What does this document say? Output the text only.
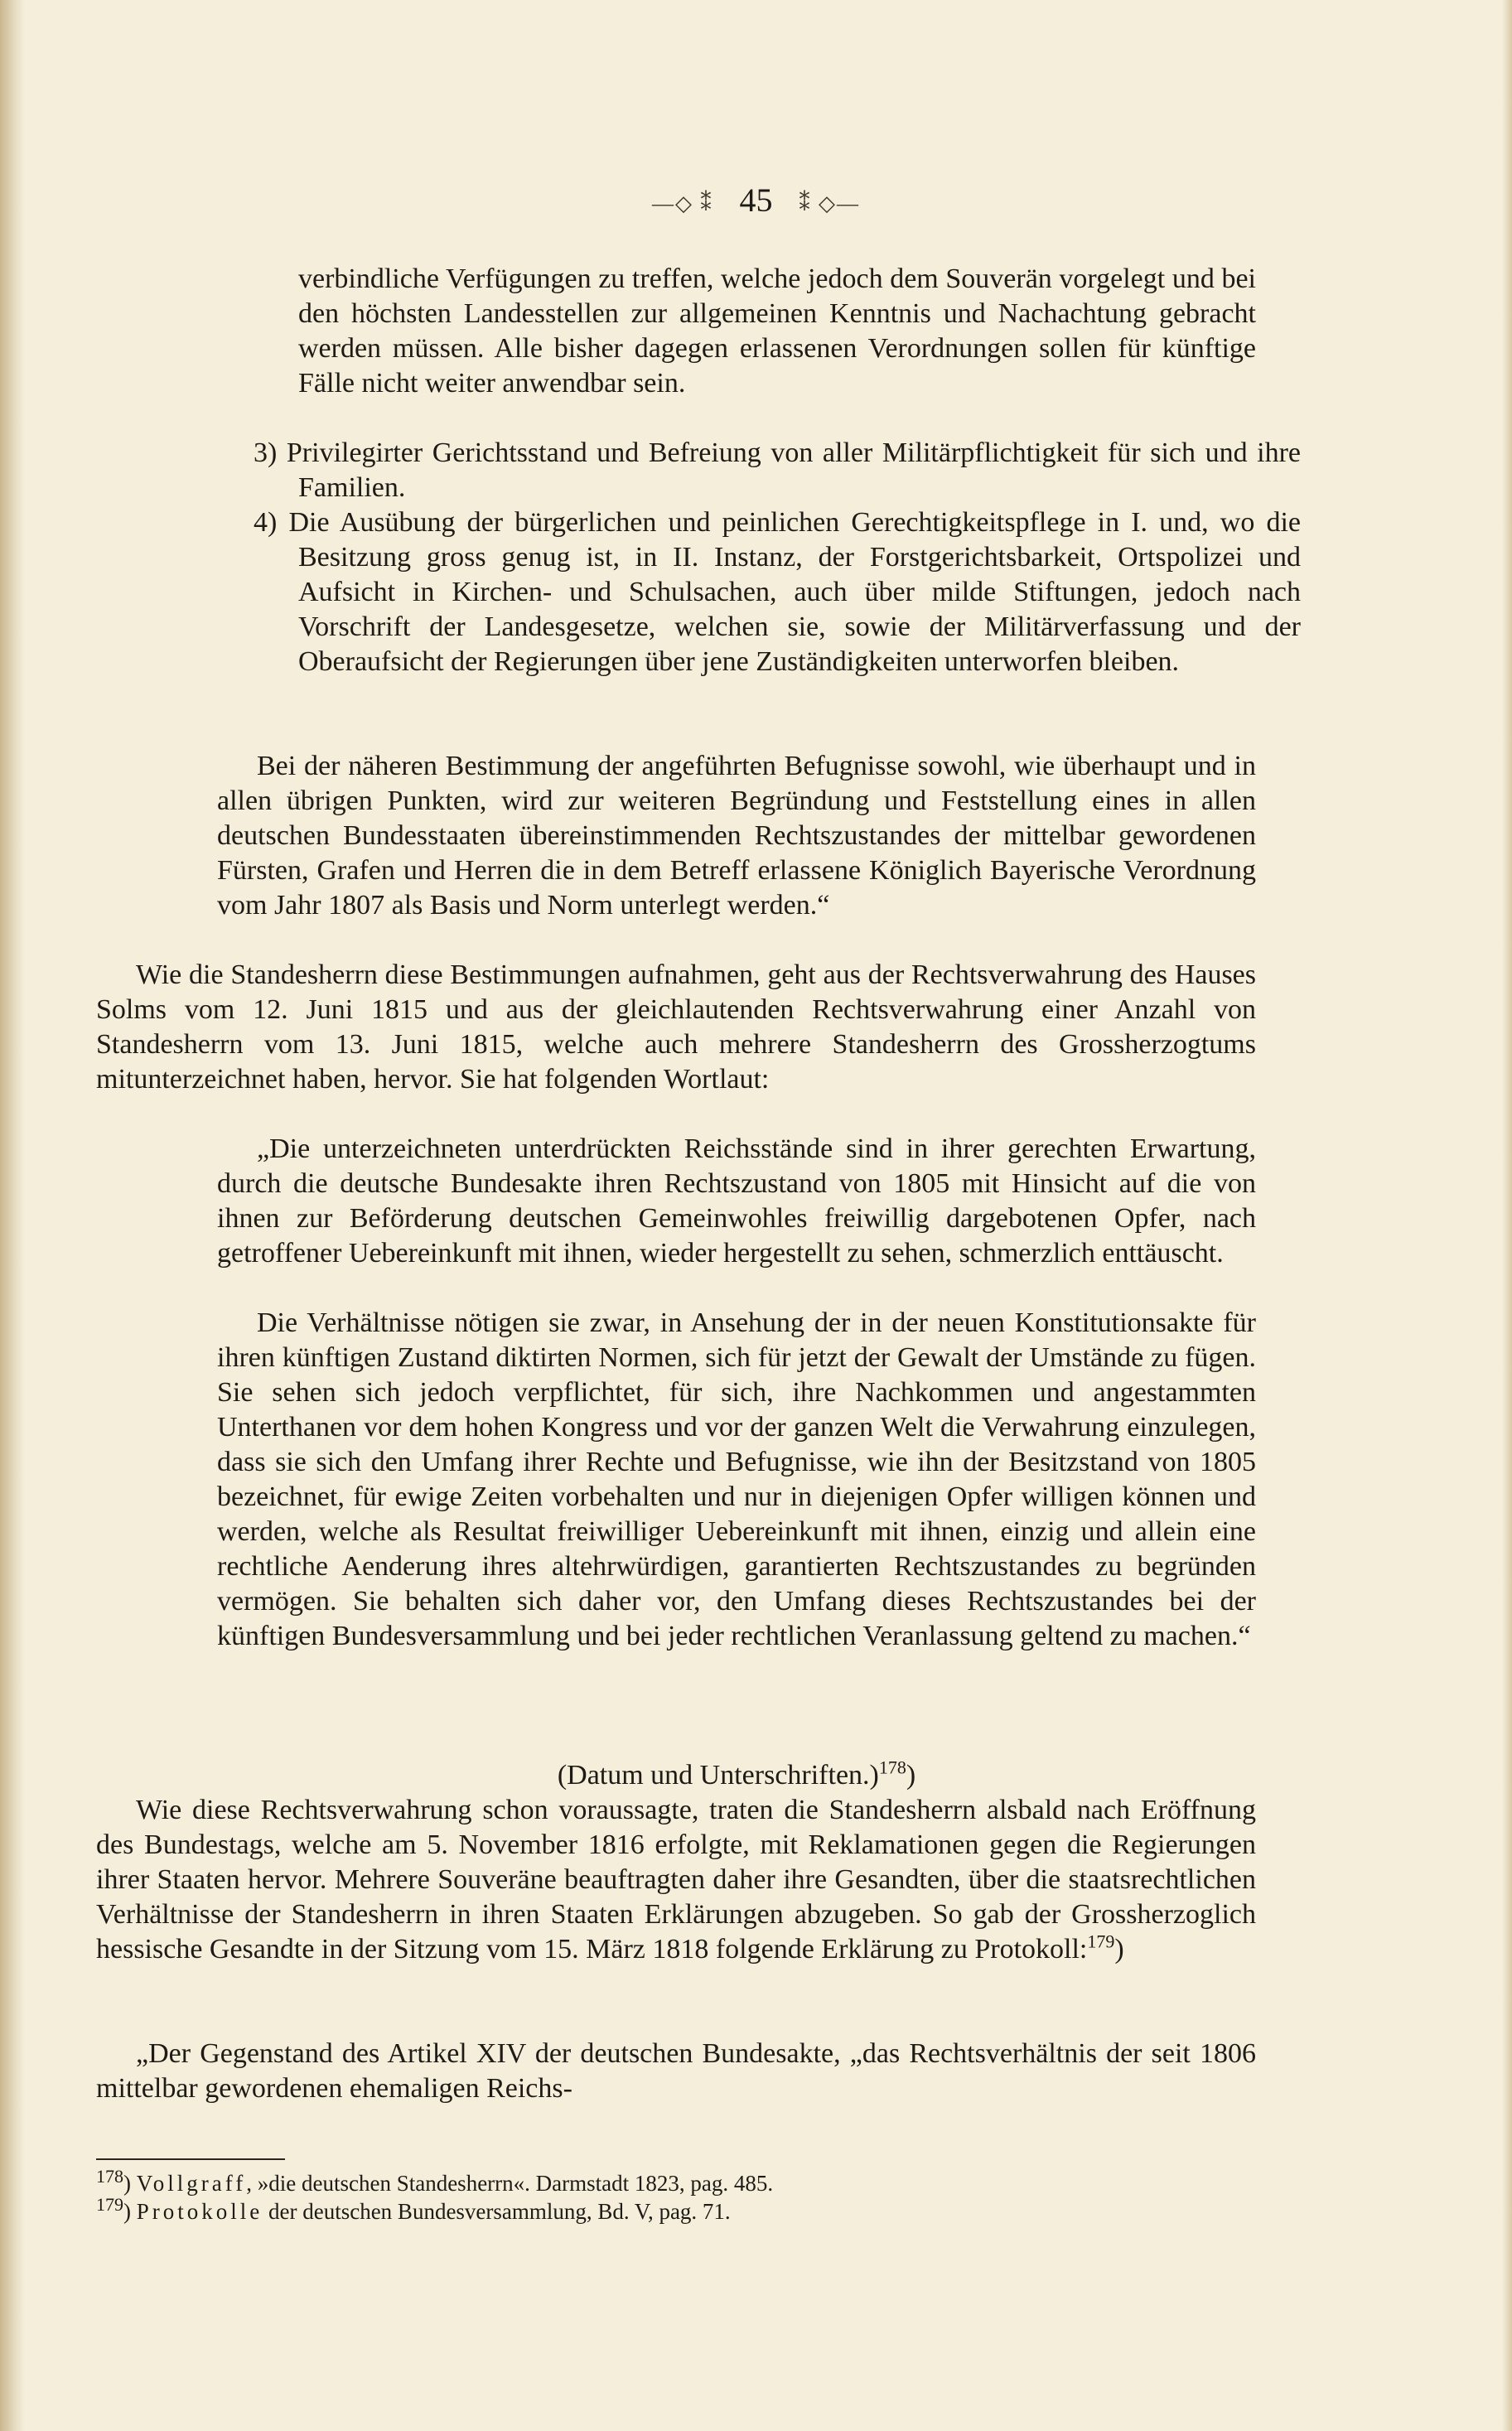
—◇ ⁑ 45 ⁑ ◇—

verbindliche Verfügungen zu treffen, welche jedoch dem Souverän vorgelegt und bei den höchsten Landesstellen zur allgemeinen Kenntnis und Nachachtung gebracht werden müssen. Alle bisher dagegen erlassenen Verordnungen sollen für künftige Fälle nicht weiter anwendbar sein.

3) Privilegirter Gerichtsstand und Befreiung von aller Militärpflichtigkeit für sich und ihre Familien.

4) Die Ausübung der bürgerlichen und peinlichen Gerechtigkeitspflege in I. und, wo die Besitzung gross genug ist, in II. Instanz, der Forstgerichtsbarkeit, Ortspolizei und Aufsicht in Kirchen- und Schulsachen, auch über milde Stiftungen, jedoch nach Vorschrift der Landesgesetze, welchen sie, sowie der Militärverfassung und der Oberaufsicht der Regierungen über jene Zuständigkeiten unterworfen bleiben.

Bei der näheren Bestimmung der angeführten Befugnisse sowohl, wie überhaupt und in allen übrigen Punkten, wird zur weiteren Begründung und Feststellung eines in allen deutschen Bundesstaaten übereinstimmenden Rechtszustandes der mittelbar gewordenen Fürsten, Grafen und Herren die in dem Betreff erlassene Königlich Bayerische Verordnung vom Jahr 1807 als Basis und Norm unterlegt werden.“

Wie die Standesherrn diese Bestimmungen aufnahmen, geht aus der Rechtsverwahrung des Hauses Solms vom 12. Juni 1815 und aus der gleichlautenden Rechtsverwahrung einer Anzahl von Standesherrn vom 13. Juni 1815, welche auch mehrere Standesherrn des Grossherzogtums mitunterzeichnet haben, hervor. Sie hat folgenden Wortlaut:

„Die unterzeichneten unterdrückten Reichsstände sind in ihrer gerechten Erwartung, durch die deutsche Bundesakte ihren Rechtszustand von 1805 mit Hinsicht auf die von ihnen zur Beförderung deutschen Gemeinwohles freiwillig dargebotenen Opfer, nach getroffener Uebereinkunft mit ihnen, wieder hergestellt zu sehen, schmerzlich enttäuscht.

Die Verhältnisse nötigen sie zwar, in Ansehung der in der neuen Konstitutionsakte für ihren künftigen Zustand diktirten Normen, sich für jetzt der Gewalt der Umstände zu fügen. Sie sehen sich jedoch verpflichtet, für sich, ihre Nachkommen und angestammten Unterthanen vor dem hohen Kongress und vor der ganzen Welt die Verwahrung einzulegen, dass sie sich den Umfang ihrer Rechte und Befugnisse, wie ihn der Besitzstand von 1805 bezeichnet, für ewige Zeiten vorbehalten und nur in diejenigen Opfer willigen können und werden, welche als Resultat freiwilliger Uebereinkunft mit ihnen, einzig und allein eine rechtliche Aenderung ihres altehrwürdigen, garantierten Rechtszustandes zu begründen vermögen. Sie behalten sich daher vor, den Umfang dieses Rechtszustandes bei der künftigen Bundesversammlung und bei jeder rechtlichen Veranlassung geltend zu machen.“

(Datum und Unterschriften.)$^{178}$)

Wie diese Rechtsverwahrung schon voraussagte, traten die Standesherrn alsbald nach Eröffnung des Bundestags, welche am 5. November 1816 erfolgte, mit Reklamationen gegen die Regierungen ihrer Staaten hervor. Mehrere Souveräne beauftragten daher ihre Gesandten, über die staatsrechtlichen Verhältnisse der Standesherrn in ihren Staaten Erklärungen abzugeben. So gab der Grossherzoglich hessische Gesandte in der Sitzung vom 15. März 1818 folgende Erklärung zu Protokoll:$^{179}$)

„Der Gegenstand des Artikel XIV der deutschen Bundesakte, „das Rechtsverhältnis der seit 1806 mittelbar gewordenen ehemaligen Reichs-

$^{178}$) Vollgraff, »die deutschen Standesherrn«. Darmstadt 1823, pag. 485.
$^{179}$) Protokolle der deutschen Bundesversammlung, Bd. V, pag. 71.
